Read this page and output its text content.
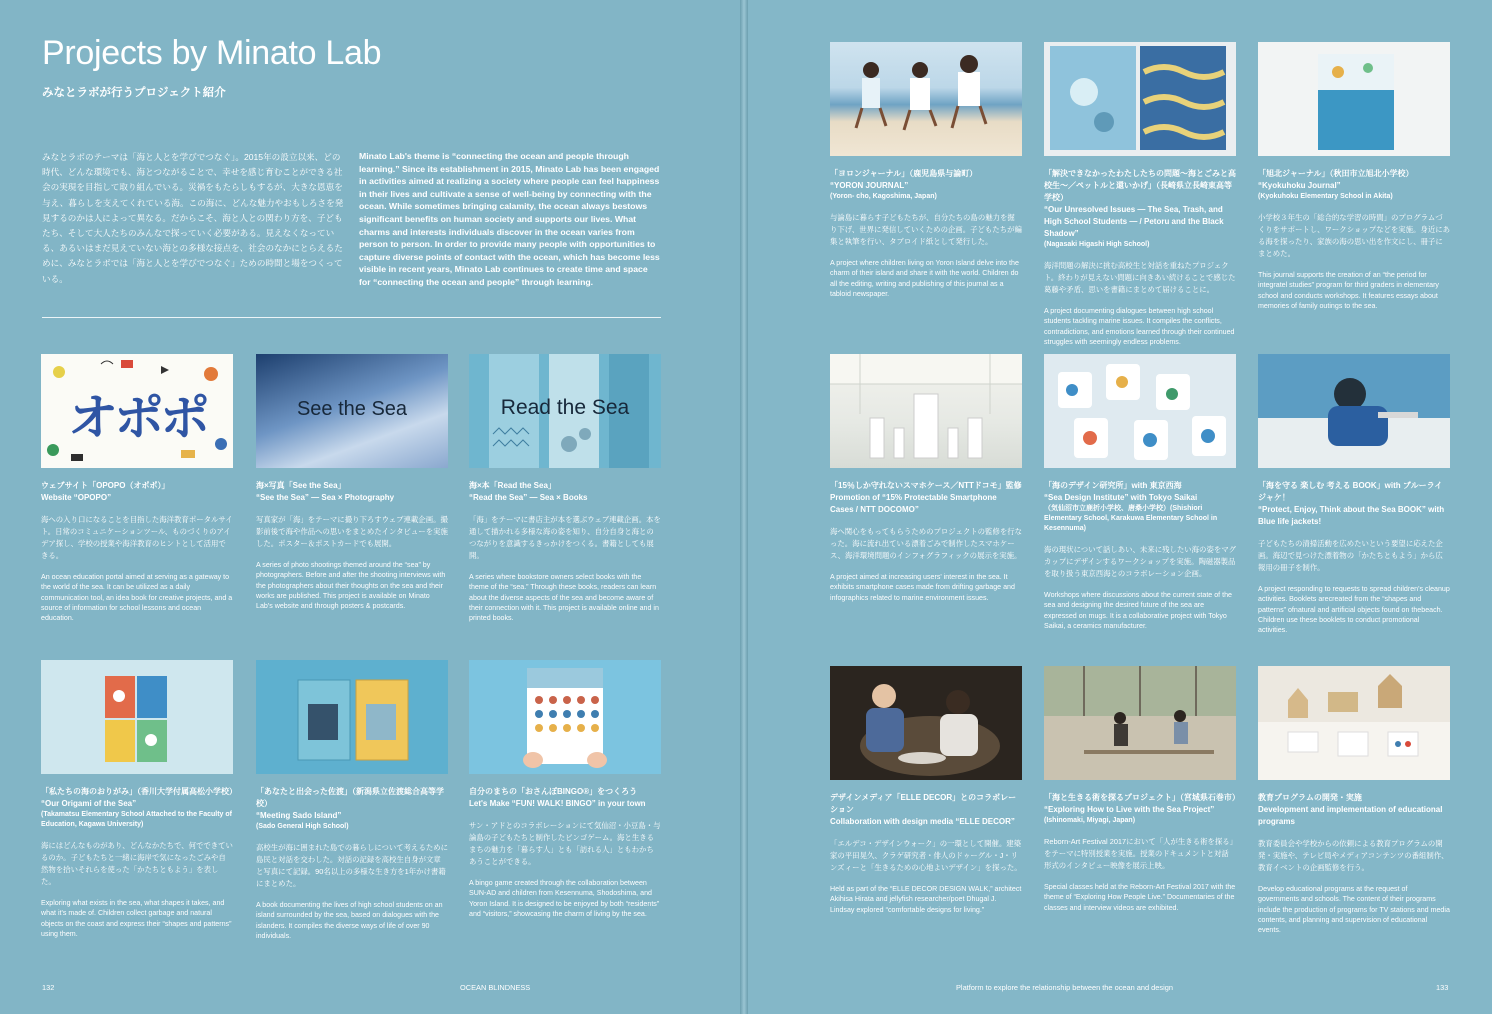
Projects by Minato Lab
みなとラボが行うプロジェクト紹介

みなとラボのテーマは「海と人とを学びでつなぐ」。2015年の設立以来、どの時代、どんな環境でも、海とつながることで、幸せを感じ育むことができる社会の実現を目指して取り組んでいる。災禍をもたらしもするが、大きな恩恵を与え、暮らしを支えてくれている海。この海に、どんな魅力やおもしろさを発見するのかは人によって異なる。だからこそ、海と人との関わり方を、子どもたち、そして大人たちのみんなで探っていく必要がある。見えなくなっている、あるいはまだ見えていない海との多様な接点を、社会のなかにとらえるために、みなとラボでは「海と人とを学びでつなぐ」ための時間と場をつくっている。

Minato Lab's theme is “connecting the ocean and people through learning.” Since its establishment in 2015, Minato Lab has been engaged in activities aimed at realizing a society where people can feel happiness in their lives and cultivate a sense of well-being by connecting with the ocean. While sometimes bringing calamity, the ocean always bestows significant benefits on human society and supports our lives. What charms and interests individuals discover in the ocean varies from person to person. In order to provide many people with opportunities to capture diverse points of contact with the ocean, which has become less visible in recent years, Minato Lab continues to create time and space for “connecting the ocean and people” through learning.

オポポ
ウェブサイト「OPOPO（オポポ）」
Website “OPOPO”
海への入り口になることを目指した海洋教育ポータルサイト。日常のコミュニケーションツール、ものづくりのアイデア探し、学校の授業や海洋教育のヒントとして活用できる。
An ocean education portal aimed at serving as a gateway to the world of the sea. It can be utilized as a daily communication tool, an idea book for creative projects, and a source of information for school lessons and ocean education.
See the Sea
海×写真「See the Sea」
“See the Sea” — Sea × Photography
写真家が「海」をテーマに撮り下ろすウェブ連載企画。撮影前後で海や作品への思いをまとめたインタビューを実施した。ポスター＆ポストカードでも展開。
A series of photo shootings themed around the “sea” by photographers. Before and after the shooting interviews with the photographers about their thoughts on the sea and their works are published. This project is available on Minato Lab's website and through posters & postcards.
Read the Sea
海×本「Read the Sea」
“Read the Sea” — Sea × Books
「海」をテーマに書店主が本を選ぶウェブ連載企画。本を通して描かれる多様な海の姿を知り、自分自身と海とのつながりを意識するきっかけをつくる。書籍としても展開。
A series where bookstore owners select books with the theme of the “sea.” Through these books, readers can learn about the diverse aspects of the sea and become aware of their connection with it. This project is available online and in printed books.
「私たちの海のおりがみ」（香川大学付属高松小学校）
“Our Origami of the Sea”
(Takamatsu Elementary School Attached to the Faculty of Education, Kagawa University)
海にはどんなものがあり、どんなかたちで、何でできているのか。子どもたちと一緒に海岸で気になったごみや自然物を拾いそれらを使った「かたちともよう」を表した。
Exploring what exists in the sea, what shapes it takes, and what it's made of. Children collect garbage and natural objects on the coast and express their “shapes and patterns” using them.
「あなたと出会った佐渡」（新潟県立佐渡総合高等学校）
“Meeting Sado Island”
(Sado General High School)
高校生が海に囲まれた島での暮らしについて考えるために島民と対話を交わした。対話の記録を高校生自身が文章と写真にて記録。90名以上の多様な生き方を1年かけ書籍にまとめた。
A book documenting the lives of high school students on an island surrounded by the sea, based on dialogues with the islanders. It compiles the diverse ways of life of over 90 individuals.
自分のまちの「おさんぽBINGO®」をつくろう
Let's Make “FUN! WALK! BINGO” in your town
サン・アドとのコラボレーションにて気仙沼・小豆島・与論島の子どもたちと制作したビンゴゲーム。海と生きるまちの魅力を「暮らす人」とも「訪れる人」ともわかちあうことができる。
A bingo game created through the collaboration between SUN-AD and children from Kesennuma, Shodoshima, and Yoron Island. It is designed to be enjoyed by both “residents” and “visitors,” showcasing the charm of living by the sea.
132	OCEAN BLINDNESS
「ヨロンジャーナル」（鹿児島県与論町）
“YORON JOURNAL”
(Yoron- cho, Kagoshima, Japan)
与論島に暮らす子どもたちが、自分たちの島の魅力を掘り下げ、世界に発信していくための企画。子どもたちが編集と執筆を行い、タブロイド紙として発行した。
A project where children living on Yoron Island delve into the charm of their island and share it with the world. Children do all the editing, writing and publishing of this journal as a tabloid newspaper.
「解決できなかったわたしたちの問題〜海とごみと高校生〜／ペットルと還いかげ」（長崎県立長崎東高等学校）
“Our Unresolved Issues — The Sea, Trash, and High School Students — / Petoru and the Black Shadow”
(Nagasaki Higashi High School)
海洋問題の解決に挑む高校生と対話を重ねたプロジェクト。終わりが見えない問題に向きあい続けることで感じた葛藤や矛盾、思いを書籍にまとめて届けることに。
A project documenting dialogues between high school students tackling marine issues. It compiles the conflicts, contradictions, and emotions learned through their continued struggles with seemingly endless problems.
「旭北ジャーナル」（秋田市立旭北小学校）
“Kyokuhoku Journal”
(Kyokuhoku Elementary School in Akita)
小学校３年生の「総合的な学習の時間」のプログラムづくりをサポートし、ワークショップなどを実施。身近にある海を探ったり、家族の海の思い出を作文にし、冊子にまとめた。
This journal supports the creation of an “the period for integratel studies” program for third graders in elementary school and conducts workshops. It features essays about memories of family outings to the sea.
「15％しか守れないスマホケース／NTTドコモ」監修
Promotion of “15% Protectable Smartphone Cases / NTT DOCOMO”
海へ関心をもってもらうためのプロジェクトの監修を行なった。海に流れ出ている漂着ごみで制作したスマホケース、海洋環境問題のインフォグラフィックの展示を実施。
A project aimed at increasing users' interest in the sea. It exhibits smartphone cases made from drifting garbage and infographics related to marine environment issues.
「海のデザイン研究所」with 東京西海
“Sea Design Institute” with Tokyo Saikai
（気仙沼市立鹿折小学校、唐桑小学校）(Shishiori Elementary School, Karakuwa Elementary School in Kesennuma)
海の現状について話しあい、未来に残したい海の姿をマグカップにデザインするワークショップを実施。陶磁器製品を取り扱う東京西海とのコラボレーション企画。
Workshops where discussions about the current state of the sea and designing the desired future of the sea are expressed on mugs. It is a collaborative project with Tokyo Saikai, a ceramics manufacturer.
「海を守る 楽しむ 考える BOOK」with ブルーライジャケ！
“Protect, Enjoy, Think about the Sea BOOK” with Blue life jackets!
子どもたちの清掃活動を広めたいという要望に応えた企画。海辺で見つけた漂着物の「かたちともよう」から広報用の冊子を制作。
A project responding to requests to spread children's cleanup activities. Booklets arecreated from the “shapes and patterns” ofnatural and artificial objects found on thebeach. Children use these booklets to conduct promotional activities.
デザインメディア「ELLE DECOR」とのコラボレーション
Collaboration with design media “ELLE DECOR”
「エルデコ・デザインウォーク」の一環として開催。建築家の平田晃久、クラゲ研究者・俳人のドゥーグル・J・リンズィーと「生きるための心地よいデザイン」を探った。
Held as part of the “ELLE DECOR DESIGN WALK,” architect Akihisa Hirata and jellyfish researcher/poet Dhugal J. Lindsay explored “comfortable designs for living.”
「海と生きる術を探るプロジェクト」（宮城県石巻市）
“Exploring How to Live with the Sea Project”
(Ishinomaki, Miyagi, Japan)
Reborn-Art Festival 2017において「人が生きる術を探る」をテーマに特別授業を実施。授業のドキュメントと対話形式のインタビュー映像を展示上映。
Special classes held at the Reborn-Art Festival 2017 with the theme of “Exploring How People Live.” Documentaries of the classes and interview videos are exhibited.
教育プログラムの開発・実施
Development and implementation of educational programs
教育委員会や学校からの依頼による教育プログラムの開発・実施や、テレビ局やメディアコンテンツの番組制作、教育イベントの企画監修を行う。
Develop educational programs at the request of governments and schools. The content of their programs include the production of programs for TV stations and media contents, and planning and supervision of educational events.
Platform to explore the relationship between the ocean and design	133
